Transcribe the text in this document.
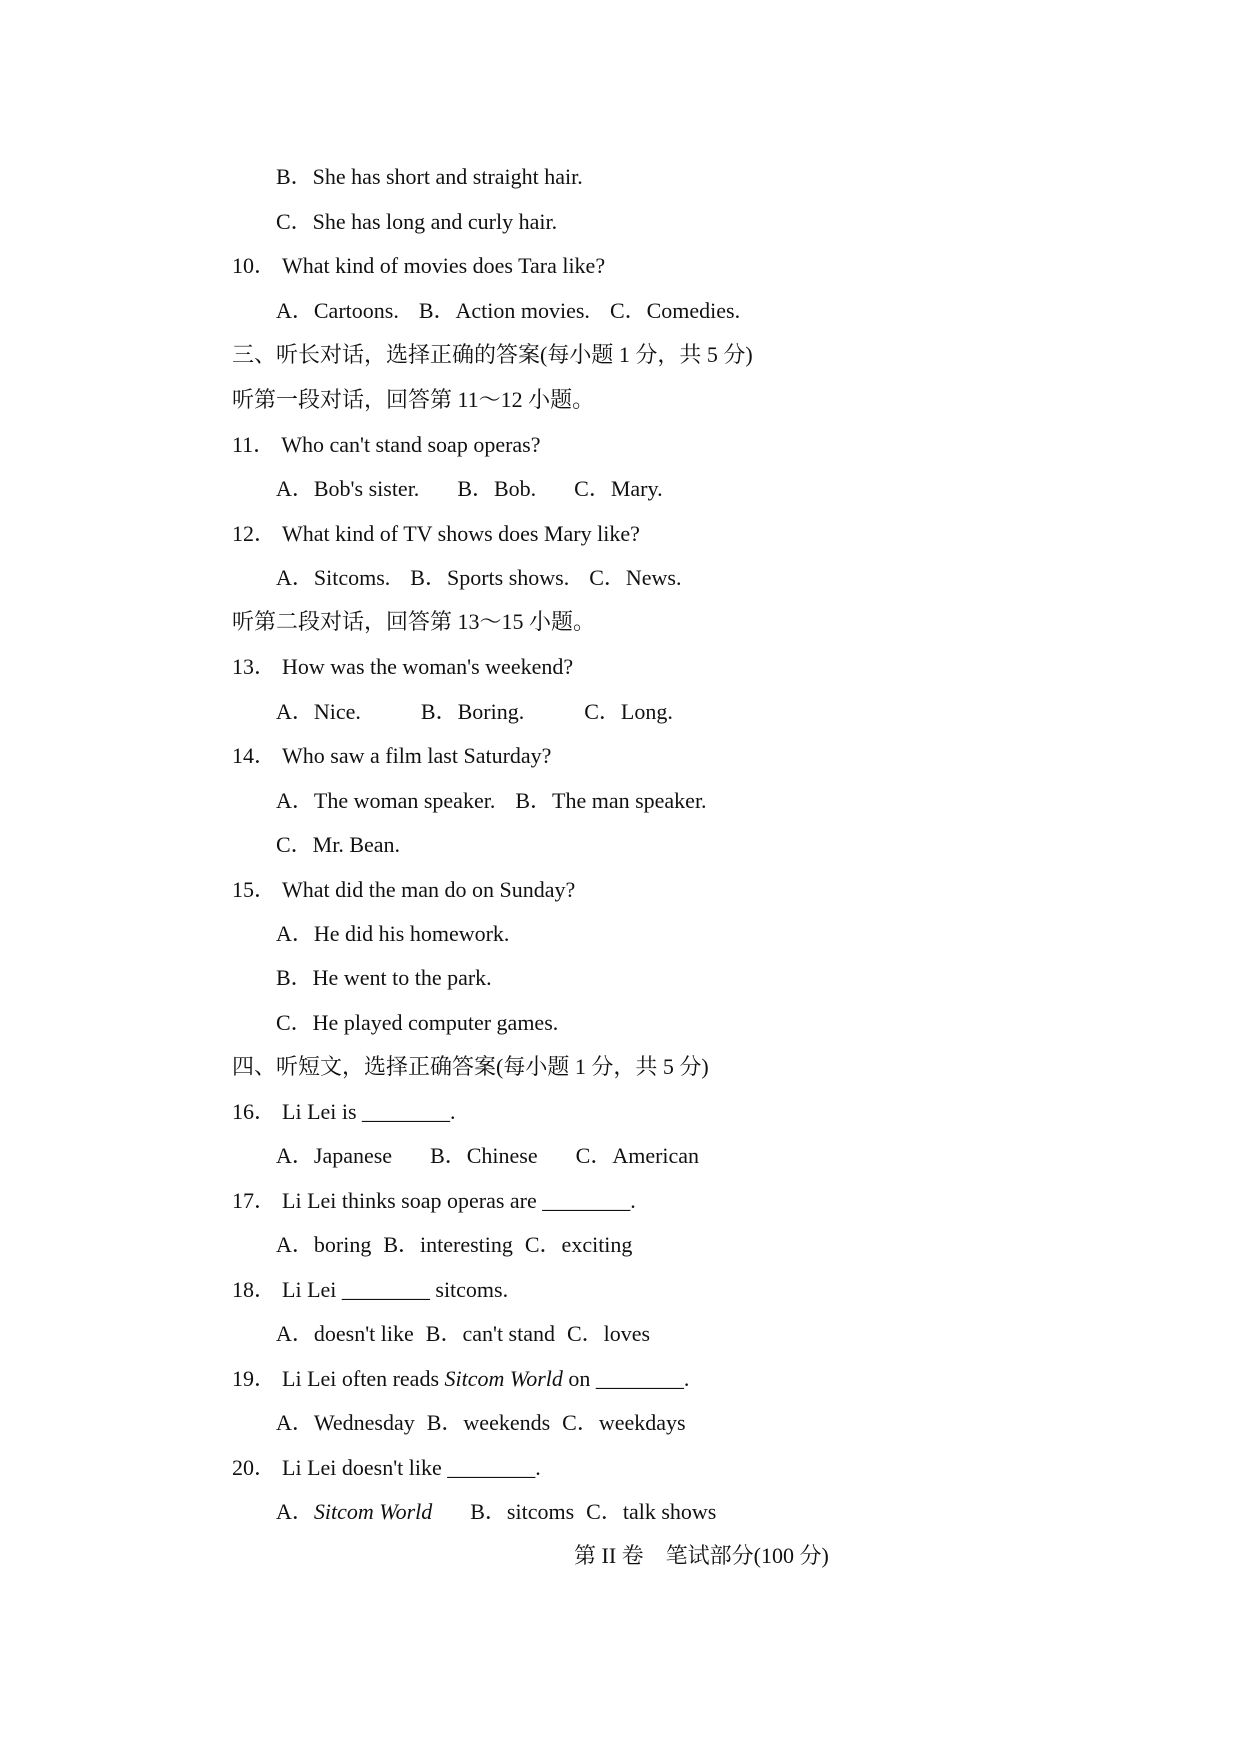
B．She has short and straight hair.
C．She has long and curly hair.
10． What kind of movies does Tara like?
A．Cartoons. B．Action movies. C．Comedies.
三、听长对话，选择正确的答案(每小题 1 分，共 5 分)
听第一段对话，回答第 11～12 小题。
11． Who can't stand soap operas?
A．Bob's sister. B．Bob. C．Mary.
12． What kind of TV shows does Mary like?
A．Sitcoms. B．Sports shows. C．News.
听第二段对话，回答第 13～15 小题。
13． How was the woman's weekend?
A．Nice.	B．Boring.	C．Long.
14． Who saw a film last Saturday?
A．The woman speaker. B．The man speaker.
C．Mr. Bean.
15． What did the man do on Sunday?
A．He did his homework.
B．He went to the park.
C．He played computer games.
四、听短文，选择正确答案(每小题 1 分，共 5 分)
16． Li Lei is ________.
A．Japanese B．Chinese C．American
17． Li Lei thinks soap operas are ________.
A．boring B．interesting C．exciting
18． Li Lei ________ sitcoms.
A．doesn't like B．can't stand C．loves
19． Li Lei often reads Sitcom World on ________.
A．Wednesday B．weekends C．weekdays
20． Li Lei doesn't like ________.
A．Sitcom World B．sitcoms C．talk shows
第 II 卷　笔试部分(100 分)
